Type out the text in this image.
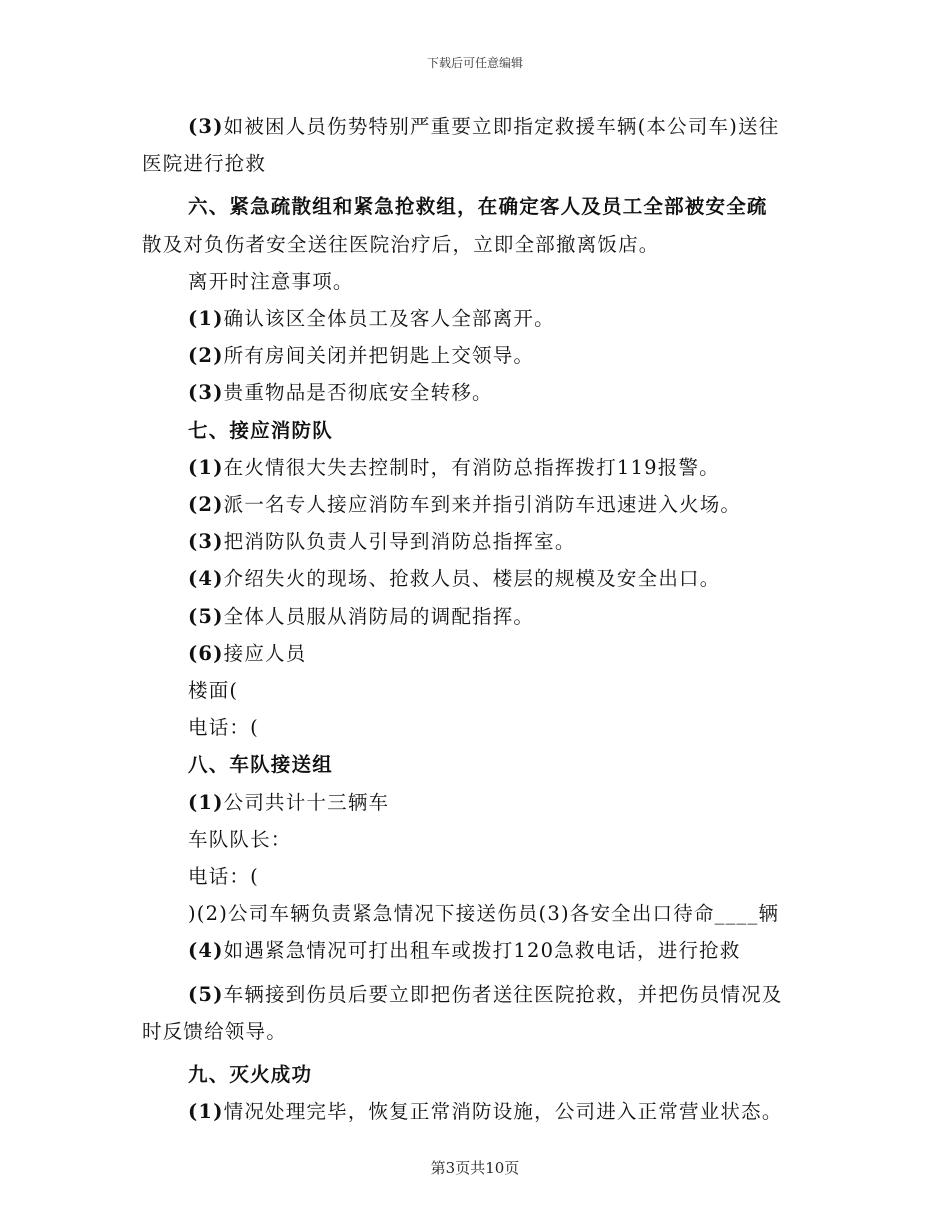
下载后可任意编辑
(3)如被困人员伤势特别严重要立即指定救援车辆(本公司车)送往
医院进行抢救
六、紧急疏散组和紧急抢救组，在确定客人及员工全部被安全疏
散及对负伤者安全送往医院治疗后，立即全部撤离饭店。
离开时注意事项。
(1)确认该区全体员工及客人全部离开。
(2)所有房间关闭并把钥匙上交领导。
(3)贵重物品是否彻底安全转移。
七、接应消防队
(1)在火情很大失去控制时，有消防总指挥拨打119报警。
(2)派一名专人接应消防车到来并指引消防车迅速进入火场。
(3)把消防队负责人引导到消防总指挥室。
(4)介绍失火的现场、抢救人员、楼层的规模及安全出口。
(5)全体人员服从消防局的调配指挥。
(6)接应人员
楼面(
电话：(
八、车队接送组
(1)公司共计十三辆车
车队队长：
电话：(
)(2)公司车辆负责紧急情况下接送伤员(3)各安全出口待命____辆
(4)如遇紧急情况可打出租车或拨打120急救电话，进行抢救
(5)车辆接到伤员后要立即把伤者送往医院抢救，并把伤员情况及
时反馈给领导。
九、灭火成功
(1)情况处理完毕，恢复正常消防设施，公司进入正常营业状态。
第3页共10页
